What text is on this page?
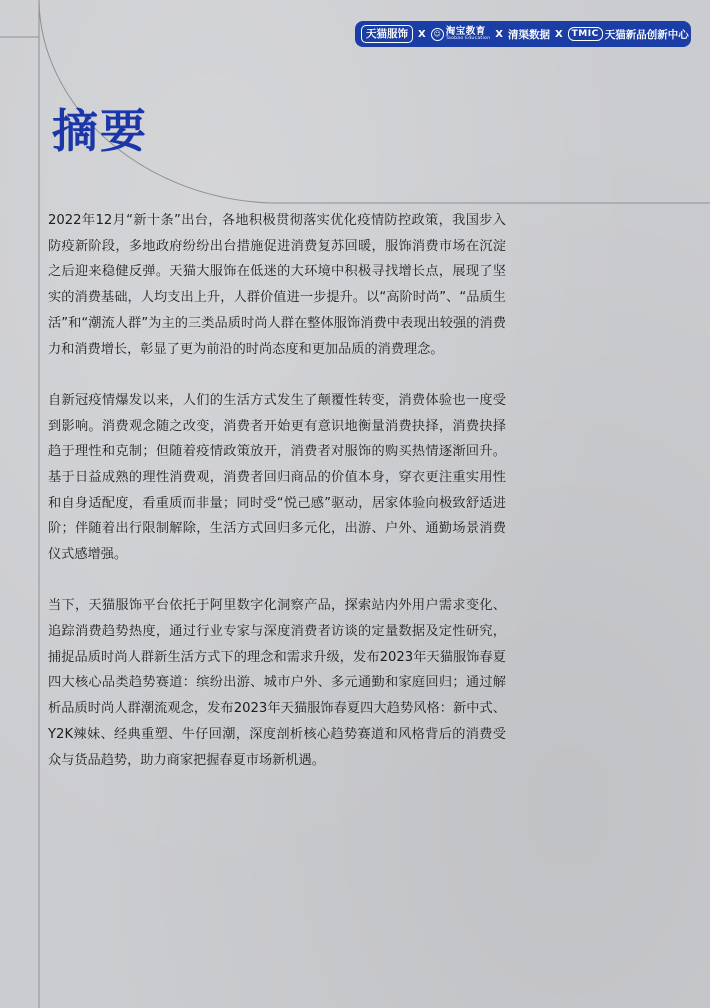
天猫服饰	X	☺ 淘宝教育
Taobao Education X 清渠数据 X	TMIC 天猫新品创新中心
摘要

2022年12月“新十条”出台，各地积极贯彻落实优化疫情防控政策，我国步入防疫新阶段，多地政府纷纷出台措施促进消费复苏回暖，服饰消费市场在沉淀之后迎来稳健反弹。天猫大服饰在低迷的大环境中积极寻找增长点，展现了坚实的消费基础，人均支出上升，人群价值进一步提升。以“高阶时尚”、“品质生活”和“潮流人群”为主的三类品质时尚人群在整体服饰消费中表现出较强的消费力和消费增长，彰显了更为前沿的时尚态度和更加品质的消费理念。

自新冠疫情爆发以来，人们的生活方式发生了颠覆性转变，消费体验也一度受到影响。消费观念随之改变，消费者开始更有意识地衡量消费抉择，消费抉择趋于理性和克制；但随着疫情政策放开，消费者对服饰的购买热情逐渐回升。基于日益成熟的理性消费观，消费者回归商品的价值本身，穿衣更注重实用性和自身适配度，看重质而非量；同时受“悦己感”驱动，居家体验向极致舒适进阶；伴随着出行限制解除，生活方式回归多元化，出游、户外、通勤场景消费仪式感增强。

当下，天猫服饰平台依托于阿里数字化洞察产品，探索站内外用户需求变化、追踪消费趋势热度，通过行业专家与深度消费者访谈的定量数据及定性研究，捕捉品质时尚人群新生活方式下的理念和需求升级，发布2023年天猫服饰春夏四大核心品类趋势赛道：缤纷出游、城市户外、多元通勤和家庭回归；通过解析品质时尚人群潮流观念，发布2023年天猫服饰春夏四大趋势风格：新中式、Y2K辣妹、经典重塑、牛仔回潮，深度剖析核心趋势赛道和风格背后的消费受众与货品趋势，助力商家把握春夏市场新机遇。
